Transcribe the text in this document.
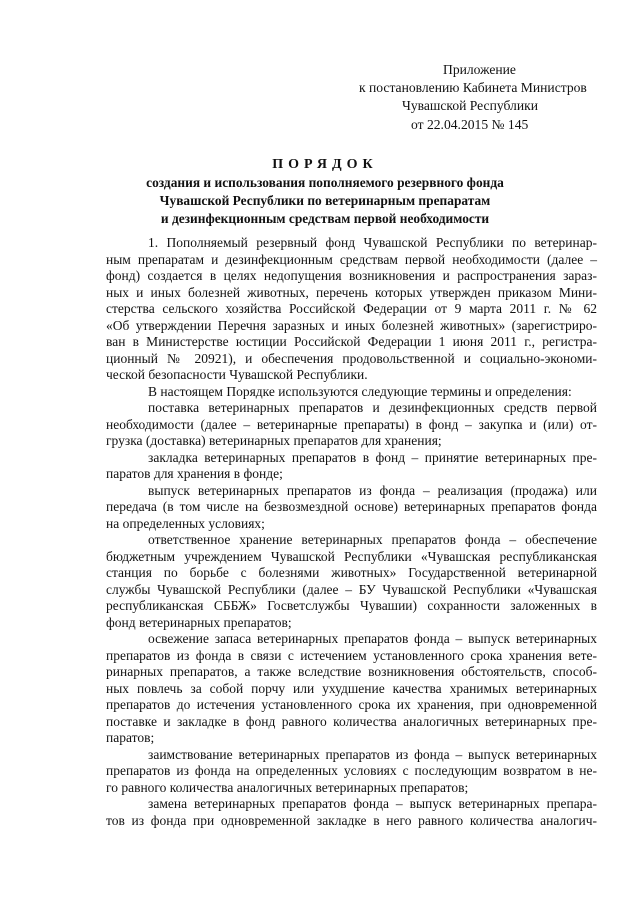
Приложение
к постановлению Кабинета Министров
Чувашской Республики
от 22.04.2015 № 145
ПОРЯДОК
создания и использования пополняемого резервного фонда
Чувашской Республики по ветеринарным препаратам
и дезинфекционным средствам первой необходимости
1. Пополняемый резервный фонд Чувашской Республики по ветеринар-
ным препаратам и дезинфекционным средствам первой необходимости (далее –
фонд) создается в целях недопущения возникновения и распространения зараз-
ных и иных болезней животных, перечень которых утвержден приказом Мини-
стерства сельского хозяйства Российской Федерации от 9 марта 2011 г. № 62
«Об утверждении Перечня заразных и иных болезней животных» (зарегистриро-
ван в Министерстве юстиции Российской Федерации 1 июня 2011 г., регистра-
ционный № 20921), и обеспечения продовольственной и социально-экономи-
ческой безопасности Чувашской Республики.
В настоящем Порядке используются следующие термины и определения:
поставка ветеринарных препаратов и дезинфекционных средств первой
необходимости (далее – ветеринарные препараты) в фонд – закупка и (или) от-
грузка (доставка) ветеринарных препаратов для хранения;
закладка ветеринарных препаратов в фонд – принятие ветеринарных пре-
паратов для хранения в фонде;
выпуск ветеринарных препаратов из фонда – реализация (продажа) или
передача (в том числе на безвозмездной основе) ветеринарных препаратов фонда
на определенных условиях;
ответственное хранение ветеринарных препаратов фонда – обеспечение
бюджетным учреждением Чувашской Республики «Чувашская республиканская
станция по борьбе с болезнями животных» Государственной ветеринарной
службы Чувашской Республики (далее – БУ Чувашской Республики «Чувашская
республиканская СББЖ» Госветслужбы Чувашии) сохранности заложенных в
фонд ветеринарных препаратов;
освежение запаса ветеринарных препаратов фонда – выпуск ветеринарных
препаратов из фонда в связи с истечением установленного срока хранения вете-
ринарных препаратов, а также вследствие возникновения обстоятельств, способ-
ных повлечь за собой порчу или ухудшение качества хранимых ветеринарных
препаратов до истечения установленного срока их хранения, при одновременной
поставке и закладке в фонд равного количества аналогичных ветеринарных пре-
паратов;
заимствование ветеринарных препаратов из фонда – выпуск ветеринарных
препаратов из фонда на определенных условиях с последующим возвратом в не-
го равного количества аналогичных ветеринарных препаратов;
замена ветеринарных препаратов фонда – выпуск ветеринарных препара-
тов из фонда при одновременной закладке в него равного количества аналогич-
